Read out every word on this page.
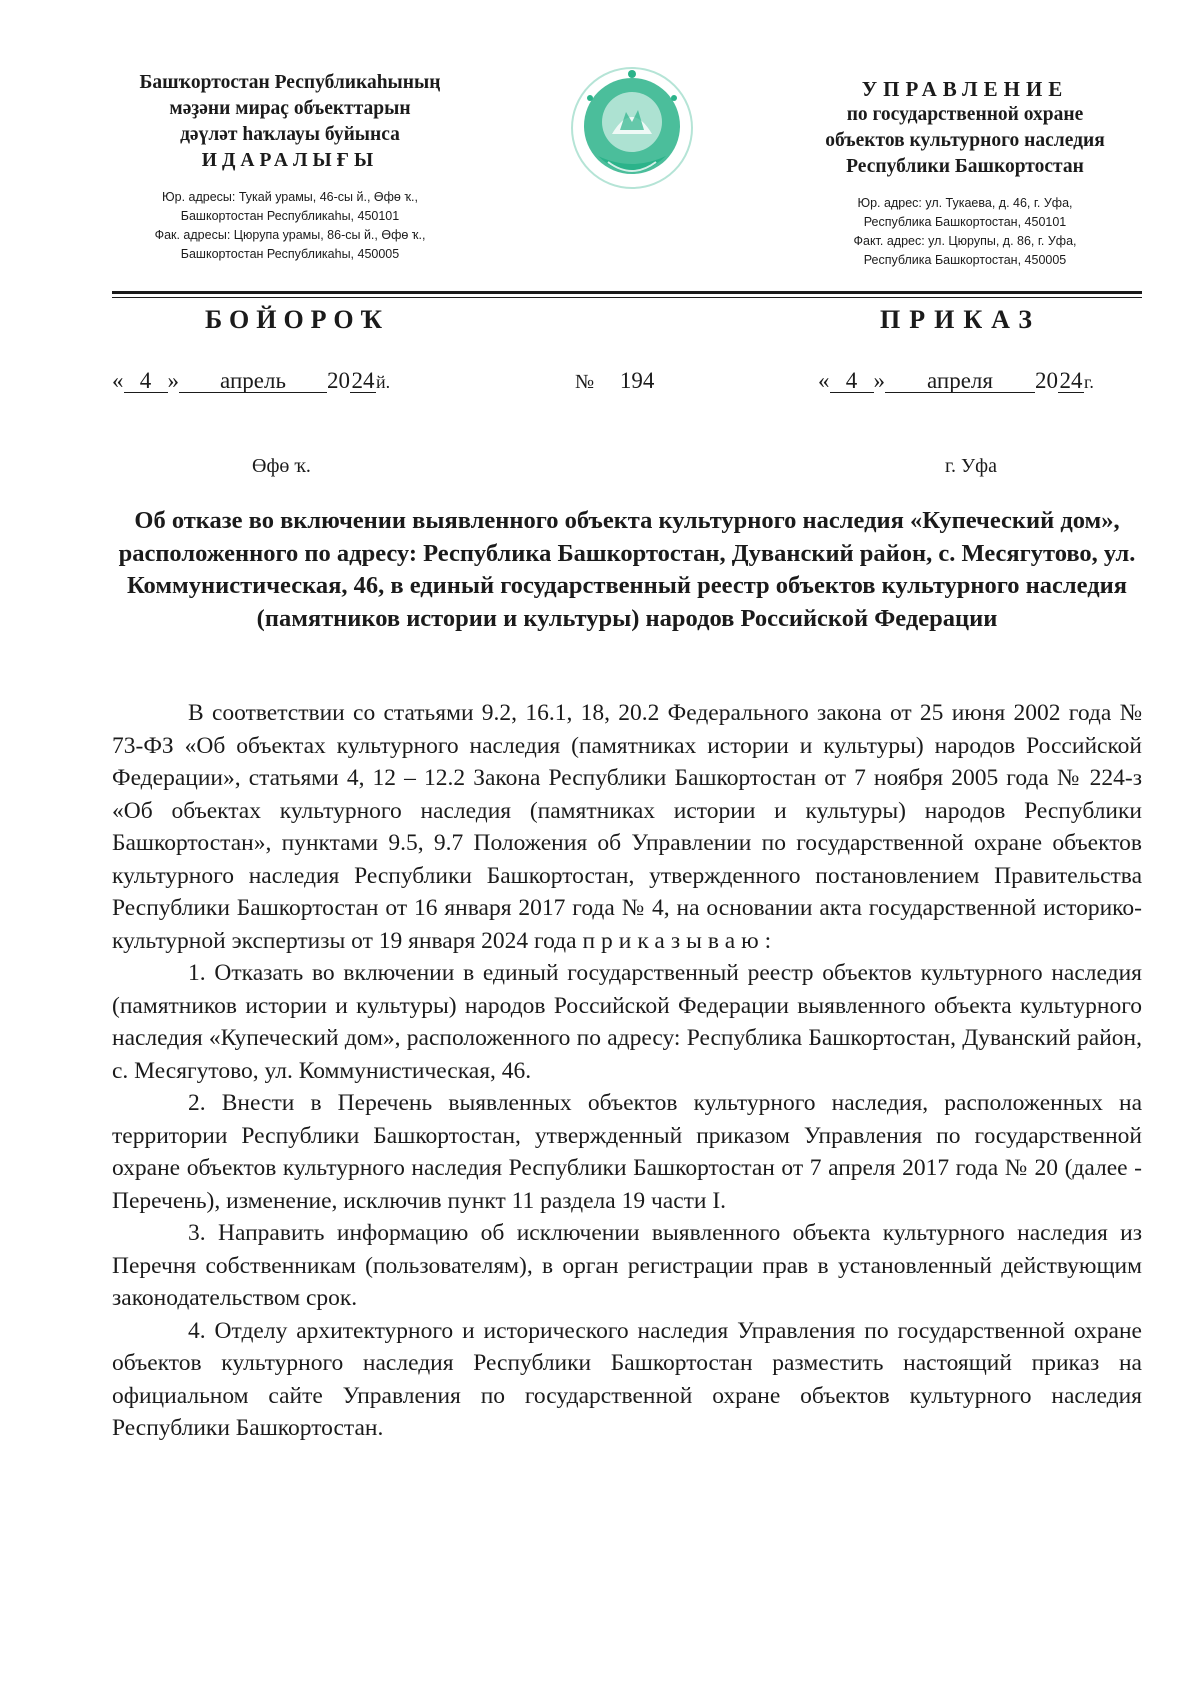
Башҡортостан Республикаһының
мәҙәни мираҫ объекттарын
дәүләт һаҡлауы буйынса
ИДАРАЛЫҒЫ
Юр. адресы: Тукай урамы, 46-сы й., Өфө ҡ.,
Башкортостан Республикаһы, 450101
Фак. адресы: Цюрупа урамы, 86-сы й., Өфө ҡ.,
Башкортостан Республикаһы, 450005
УПРАВЛЕНИЕ
по государственной охране
объектов культурного наследия
Республики Башкортостан
Юр. адрес: ул. Тукаева, д. 46, г. Уфа,
Республика Башкортостан, 450101
Факт. адрес: ул. Цюрупы, д. 86, г. Уфа,
Республика Башкортостан, 450005
БОЙОРОҠ	ПРИКАЗ
« 4 » апрель 2024й.	№ 194	« 4 » апреля 2024г.
Өфө ҡ.	г. Уфа
Об отказе во включении выявленного объекта культурного наследия «Купеческий дом», расположенного по адресу: Республика Башкортостан, Дуванский район, с. Месягутово, ул. Коммунистическая, 46, в единый государственный реестр объектов культурного наследия (памятников истории и культуры) народов Российской Федерации

В соответствии со статьями 9.2, 16.1, 18, 20.2 Федерального закона от 25 июня 2002 года № 73-ФЗ «Об объектах культурного наследия (памятниках истории и культуры) народов Российской Федерации», статьями 4, 12 – 12.2 Закона Республики Башкортостан от 7 ноября 2005 года № 224-з «Об объектах культурного наследия (памятниках истории и культуры) народов Республики Башкортостан», пунктами 9.5, 9.7 Положения об Управлении по государственной охране объектов культурного наследия Республики Башкортостан, утвержденного постановлением Правительства Республики Башкортостан от 16 января 2017 года № 4, на основании акта государственной историко-культурной экспертизы от 19 января 2024 года приказываю:

1. Отказать во включении в единый государственный реестр объектов культурного наследия (памятников истории и культуры) народов Российской Федерации выявленного объекта культурного наследия «Купеческий дом», расположенного по адресу: Республика Башкортостан, Дуванский район, с. Месягутово, ул. Коммунистическая, 46.

2. Внести в Перечень выявленных объектов культурного наследия, расположенных на территории Республики Башкортостан, утвержденный приказом Управления по государственной охране объектов культурного наследия Республики Башкортостан от 7 апреля 2017 года № 20 (далее - Перечень), изменение, исключив пункт 11 раздела 19 части I.

3. Направить информацию об исключении выявленного объекта культурного наследия из Перечня собственникам (пользователям), в орган регистрации прав в установленный действующим законодательством срок.

4. Отделу архитектурного и исторического наследия Управления по государственной охране объектов культурного наследия Республики Башкортостан разместить настоящий приказ на официальном сайте Управления по государственной охране объектов культурного наследия Республики Башкортостан.
